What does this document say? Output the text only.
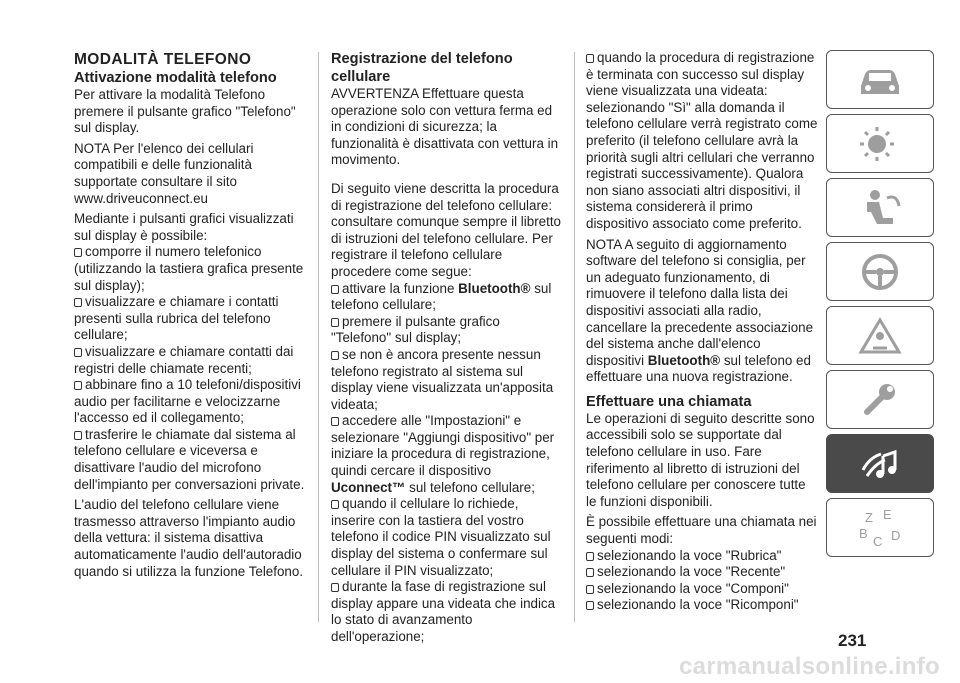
MODALITÀ TELEFONO
Attivazione modalità telefono

Per attivare la modalità Telefono premere il pulsante grafico "Telefono" sul display.

NOTA Per l'elenco dei cellulari compatibili e delle funzionalità supportate consultare il sito www.driveuconnect.eu

Mediante i pulsanti grafici visualizzati sul display è possibile:

comporre il numero telefonico (utilizzando la tastiera grafica presente sul display);
visualizzare e chiamare i contatti presenti sulla rubrica del telefono cellulare;
visualizzare e chiamare contatti dai registri delle chiamate recenti;
abbinare fino a 10 telefoni/dispositivi audio per facilitarne e velocizzarne l'accesso ed il collegamento;
trasferire le chiamate dal sistema al telefono cellulare e viceversa e disattivare l'audio del microfono dell'impianto per conversazioni private.

L'audio del telefono cellulare viene trasmesso attraverso l'impianto audio della vettura: il sistema disattiva automaticamente l'audio dell'autoradio quando si utilizza la funzione Telefono.

Registrazione del telefono cellulare

AVVERTENZA Effettuare questa operazione solo con vettura ferma ed in condizioni di sicurezza; la funzionalità è disattivata con vettura in movimento.

Di seguito viene descritta la procedura di registrazione del telefono cellulare: consultare comunque sempre il libretto di istruzioni del telefono cellulare. Per registrare il telefono cellulare procedere come segue:

attivare la funzione Bluetooth® sul telefono cellulare;
premere il pulsante grafico "Telefono" sul display;
se non è ancora presente nessun telefono registrato al sistema sul display viene visualizzata un'apposita videata;
accedere alle "Impostazioni" e selezionare "Aggiungi dispositivo" per iniziare la procedura di registrazione, quindi cercare il dispositivo Uconnect™ sul telefono cellulare;
quando il cellulare lo richiede, inserire con la tastiera del vostro telefono il codice PIN visualizzato sul display del sistema o confermare sul cellulare il PIN visualizzato;
durante la fase di registrazione sul display appare una videata che indica lo stato di avanzamento dell'operazione;
quando la procedura di registrazione è terminata con successo sul display viene visualizzata una videata: selezionando "Sì" alla domanda il telefono cellulare verrà registrato come preferito (il telefono cellulare avrà la priorità sugli altri cellulari che verranno registrati successivamente). Qualora non siano associati altri dispositivi, il sistema considererà il primo dispositivo associato come preferito.

NOTA A seguito di aggiornamento software del telefono si consiglia, per un adeguato funzionamento, di rimuovere il telefono dalla lista dei dispositivi associati alla radio, cancellare la precedente associazione del sistema anche dall'elenco dispositivi Bluetooth® sul telefono ed effettuare una nuova registrazione.

Effettuare una chiamata

Le operazioni di seguito descritte sono accessibili solo se supportate dal telefono cellulare in uso. Fare riferimento al libretto di istruzioni del telefono cellulare per conoscere tutte le funzioni disponibili.

È possibile effettuare una chiamata nei seguenti modi:

selezionando la voce "Rubrica"
selezionando la voce "Recente"
selezionando la voce "Componi"
selezionando la voce "Ricomponi"
Z E
B
C D
231
carmanualsonline.info
